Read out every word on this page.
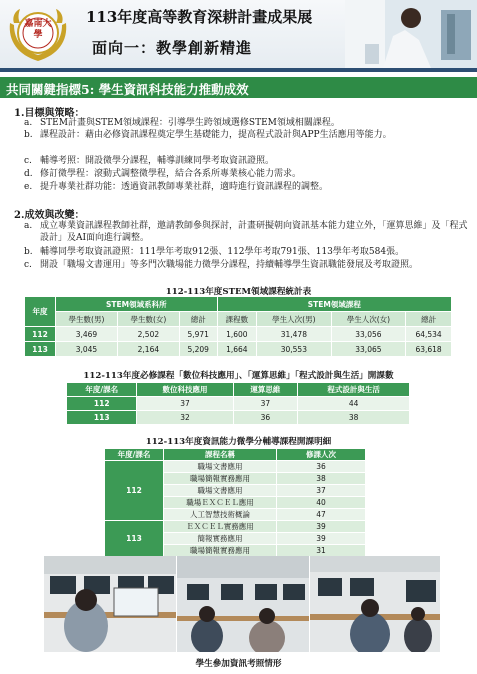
嘉南大學
113年度高等教育深耕計畫成果展
面向一：教學創新精進
共同關鍵指標5: 學生資訊科技能力推動成效
1.目標與策略：
a. STEM計畫與STEM領域課程：引導學生跨領域選修STEM領域相關課程。
b. 課程設計：藉由必修資訊課程奠定學生基礎能力，提高程式設計與APP生活應用等能力。
c. 輔導考照：開設微學分課程，輔導訓練同學考取資訊證照。
d. 修訂微學程：滾動式調整微學程，結合各系所專業核心能力需求。
e. 提升專業社群功能：透過資訊教師專業社群，適時進行資訊課程的調整。
2.成效與改變：
a. 成立專業資訊課程教師社群，邀請教師參與探討，計畫研擬朝向資訊基本能力建立外，「運算思維」及「程式設計」及AI面向進行調整。
b. 輔導同學考取資訊證照：111學年考取912張、112學年考取791張、113學年考取584張。
c. 開設「職場文書運用」等多門次職場能力微學分課程，持續輔導學生資訊職能發展及考取證照。
112-113年度STEM領域課程統計表
年度	STEM領域系科所			STEM領域課程			
	學生數(男)	學生數(女)	總計	課程數	學生人次(男)	學生人次(女)	總計
112	3,469	2,502	5,971	1,600	31,478	33,056	64,534
113	3,045	2,164	5,209	1,664	30,553	33,065	63,618
112-113年度必修課程「數位科技應用」、「運算思維」「程式設計與生活」開課數
年度/課名	數位科技應用	運算思維	程式設計與生活
112	37	37	44
113	32	36	38
112-113年度資訊能力微學分輔導課程開課明細
年度/課名	課程名稱	修課人次
112	職場文書應用	36
	職場簡報實務應用	38
	職場文書應用	37
	職場ＥＸＣＥＬ應用	40
	人工智慧技術概論	47
113	ＥＸＣＥＬ實務應用	39
	簡報實務應用	39
	職場簡報實務應用	31
學生參加資訊考照情形
